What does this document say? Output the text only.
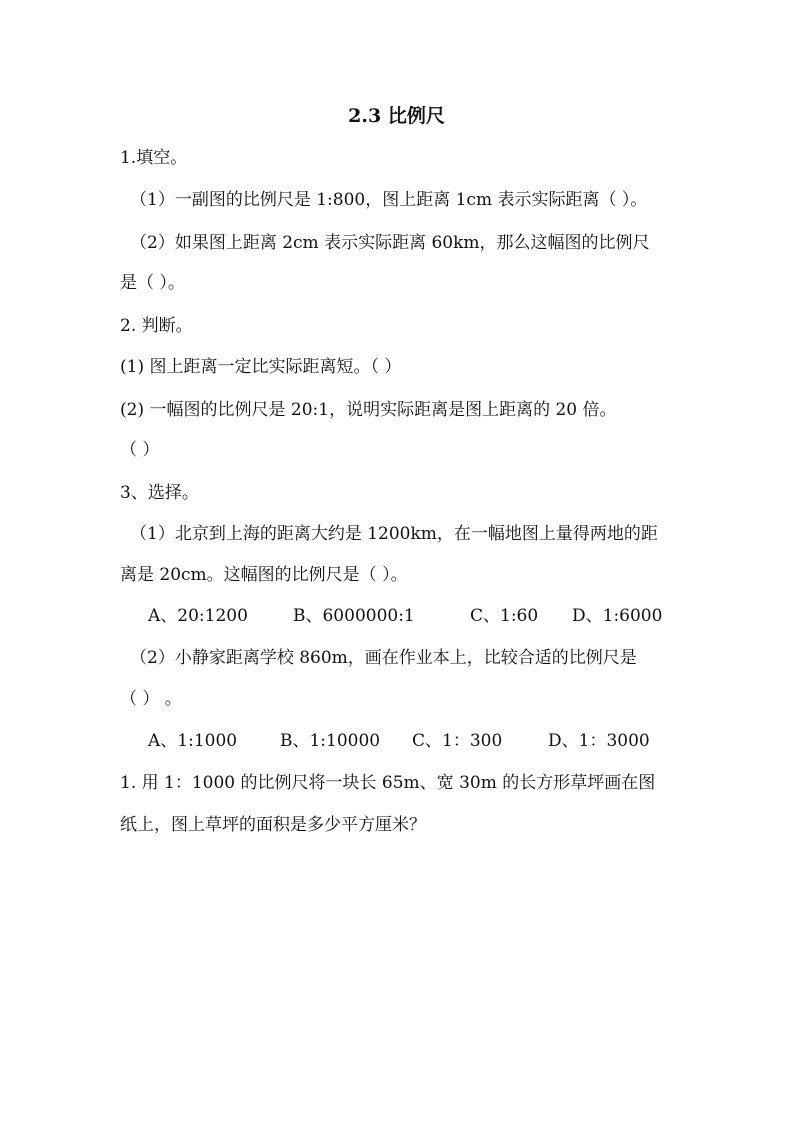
2.3 比例尺
1.填空。
（1）一副图的比例尺是 1:800，图上距离 1cm 表示实际距离（ ）。
（2）如果图上距离 2cm 表示实际距离 60km，那么这幅图的比例尺
是（ ）。
2. 判断。
(1) 图上距离一定比实际距离短。（ ）
(2) 一幅图的比例尺是 20:1，说明实际距离是图上距离的 20 倍。
（ ）
3、选择。
（1）北京到上海的距离大约是 1200km，在一幅地图上量得两地的距
离是 20cm。这幅图的比例尺是（ ）。
A、20:1200	B、6000000:1	C、1:60 D、1:6000
（2）小静家距离学校 860m，画在作业本上，比较合适的比例尺是
（ ） 。
A、1:1000	B、1:10000 C、1：300	D、1：3000
1. 用 1：1000 的比例尺将一块长 65m、宽 30m 的长方形草坪画在图
纸上，图上草坪的面积是多少平方厘米？
